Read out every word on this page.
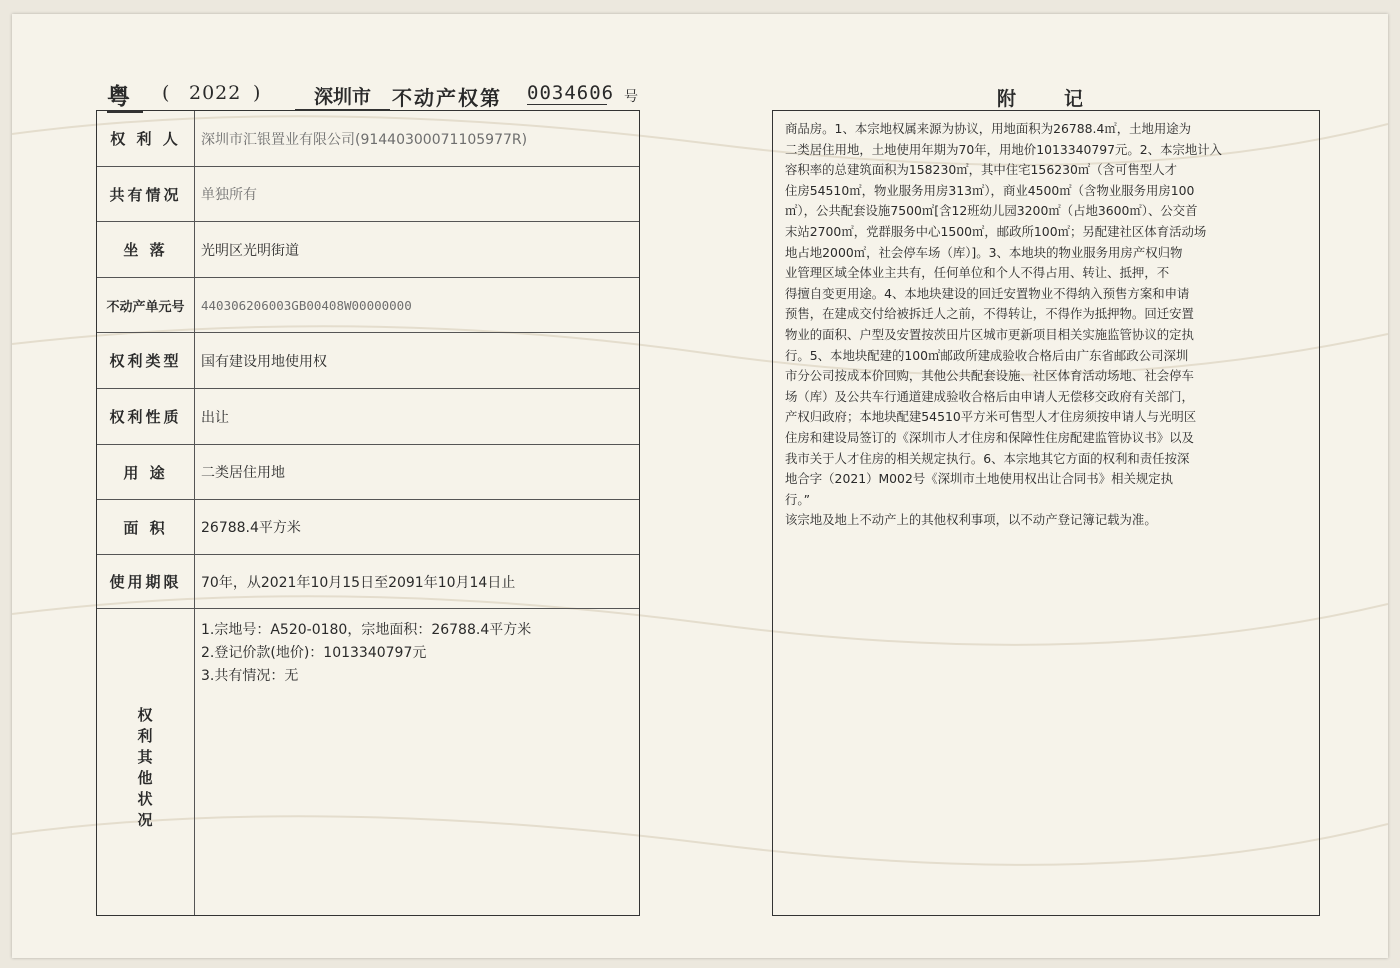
粤	( 2022 )	深圳市	不动产权第 0034606 号
权 利 人	深圳市汇银置业有限公司(91440300071105977R)
共有情况	单独所有
坐 落	光明区光明街道
不动产单元号	440306206003GB00408W00000000
权利类型	国有建设用地使用权
权利性质	出让
用 途	二类居住用地
面 积	26788.4平方米
使用期限	70年，从2021年10月15日至2091年10月14日止
权利其他状况
1.宗地号：A520-0180，宗地面积：26788.4平方米
2.登记价款(地价)：1013340797元
3.共有情况：无
附记
商品房。1、本宗地权属来源为协议，用地面积为26788.4㎡，土地用途为
二类居住用地，土地使用年期为70年，用地价1013340797元。2、本宗地计入
容积率的总建筑面积为158230㎡，其中住宅156230㎡（含可售型人才
住房54510㎡，物业服务用房313㎡），商业4500㎡（含物业服务用房100
㎡），公共配套设施7500㎡[含12班幼儿园3200㎡（占地3600㎡）、公交首
末站2700㎡，党群服务中心1500㎡，邮政所100㎡；另配建社区体育活动场
地占地2000㎡，社会停车场（库）]。3、本地块的物业服务用房产权归物
业管理区域全体业主共有，任何单位和个人不得占用、转让、抵押，不
得擅自变更用途。4、本地块建设的回迁安置物业不得纳入预售方案和申请
预售，在建成交付给被拆迁人之前，不得转让，不得作为抵押物。回迁安置
物业的面积、户型及安置按茨田片区城市更新项目相关实施监管协议的定执
行。5、本地块配建的100㎡邮政所建成验收合格后由广东省邮政公司深圳
市分公司按成本价回购，其他公共配套设施、社区体育活动场地、社会停车
场（库）及公共车行通道建成验收合格后由申请人无偿移交政府有关部门，
产权归政府；本地块配建54510平方米可售型人才住房须按申请人与光明区
住房和建设局签订的《深圳市人才住房和保障性住房配建监管协议书》以及
我市关于人才住房的相关规定执行。6、本宗地其它方面的权利和责任按深
地合字（2021）M002号《深圳市土地使用权出让合同书》相关规定执
行。”
该宗地及地上不动产上的其他权利事项，以不动产登记簿记载为准。
